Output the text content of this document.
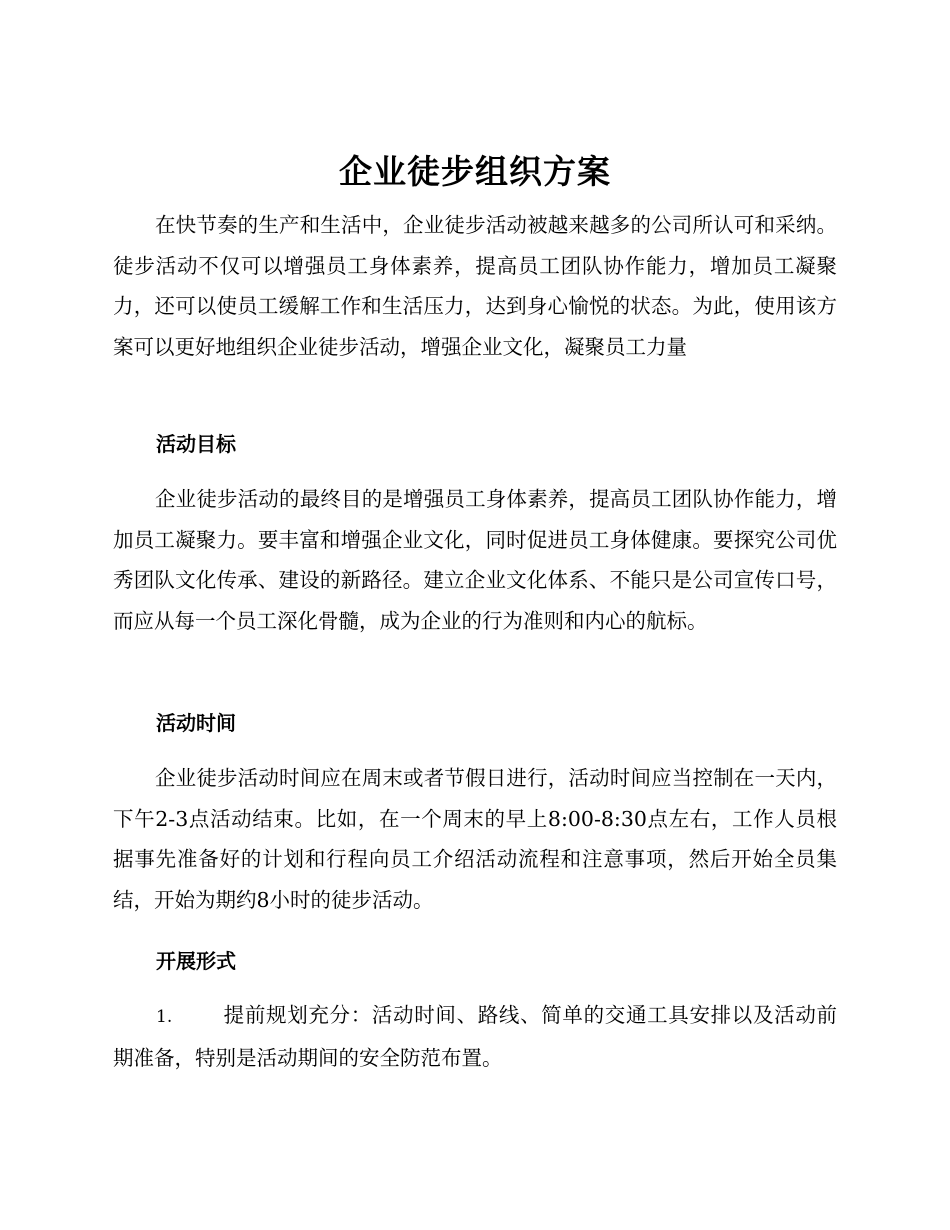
企业徒步组织方案

在快节奏的生产和生活中，企业徒步活动被越来越多的公司所认可和采纳。徒步活动不仅可以增强员工身体素养，提高员工团队协作能力，增加员工凝聚力，还可以使员工缓解工作和生活压力，达到身心愉悦的状态。为此，使用该方案可以更好地组织企业徒步活动，增强企业文化，凝聚员工力量

活动目标

企业徒步活动的最终目的是增强员工身体素养，提高员工团队协作能力，增加员工凝聚力。要丰富和增强企业文化，同时促进员工身体健康。要探究公司优秀团队文化传承、建设的新路径。建立企业文化体系、不能只是公司宣传口号，而应从每一个员工深化骨髓，成为企业的行为准则和内心的航标。

活动时间

企业徒步活动时间应在周末或者节假日进行，活动时间应当控制在一天内，下午2-3点活动结束。比如，在一个周末的早上8:00-8:30点左右，工作人员根据事先准备好的计划和行程向员工介绍活动流程和注意事项，然后开始全员集结，开始为期约8小时的徒步活动。

开展形式

1. 提前规划充分：活动时间、路线、简单的交通工具安排以及活动前期准备，特别是活动期间的安全防范布置。
